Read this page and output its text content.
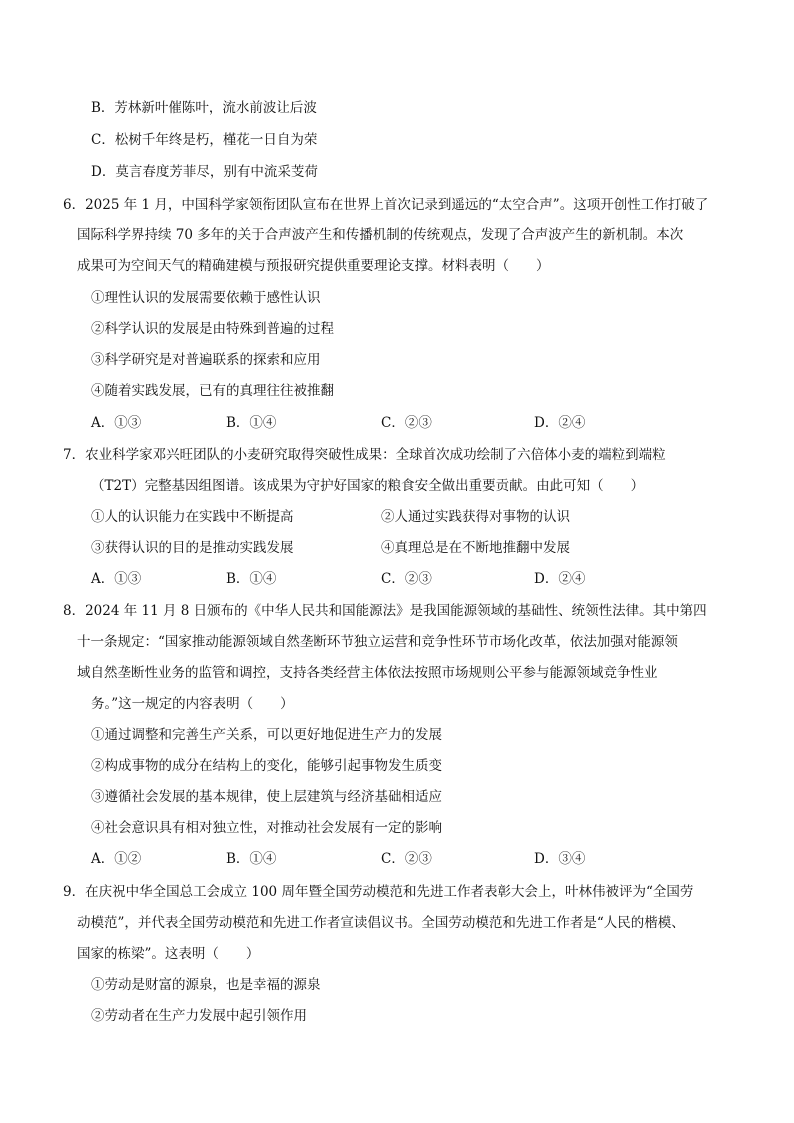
B．芳林新叶催陈叶，流水前波让后波
C．松树千年终是朽，槿花一日自为荣
D．莫言春度芳菲尽，别有中流采芰荷
6．2025 年 1 月，中国科学家领衔团队宣布在世界上首次记录到遥远的“太空合声”。这项开创性工作打破了
国际科学界持续 70 多年的关于合声波产生和传播机制的传统观点，发现了合声波产生的新机制。本次
成果可为空间天气的精确建模与预报研究提供重要理论支撑。材料表明（　　）
①理性认识的发展需要依赖于感性认识
②科学认识的发展是由特殊到普遍的过程
③科学研究是对普遍联系的探索和应用
④随着实践发展，已有的真理往往被推翻
A．①③	B．①④	C．②③	D．②④
7．农业科学家邓兴旺团队的小麦研究取得突破性成果：全球首次成功绘制了六倍体小麦的端粒到端粒
（T2T）完整基因组图谱。该成果为守护好国家的粮食安全做出重要贡献。由此可知（　　）
①人的认识能力在实践中不断提高	②人通过实践获得对事物的认识
③获得认识的目的是推动实践发展	④真理总是在不断地推翻中发展
A．①③	B．①④	C．②③	D．②④
8．2024 年 11 月 8 日颁布的《中华人民共和国能源法》是我国能源领域的基础性、统领性法律。其中第四
十一条规定：“国家推动能源领域自然垄断环节独立运营和竞争性环节市场化改革，依法加强对能源领
域自然垄断性业务的监管和调控，支持各类经营主体依法按照市场规则公平参与能源领域竞争性业
务。”这一规定的内容表明（　　）
①通过调整和完善生产关系，可以更好地促进生产力的发展
②构成事物的成分在结构上的变化，能够引起事物发生质变
③遵循社会发展的基本规律，使上层建筑与经济基础相适应
④社会意识具有相对独立性，对推动社会发展有一定的影响
A．①②	B．①④	C．②③	D．③④
9．在庆祝中华全国总工会成立 100 周年暨全国劳动模范和先进工作者表彰大会上，叶林伟被评为“全国劳
动模范”，并代表全国劳动模范和先进工作者宣读倡议书。全国劳动模范和先进工作者是“人民的楷模、
国家的栋梁”。这表明（　　）
①劳动是财富的源泉，也是幸福的源泉
②劳动者在生产力发展中起引领作用
